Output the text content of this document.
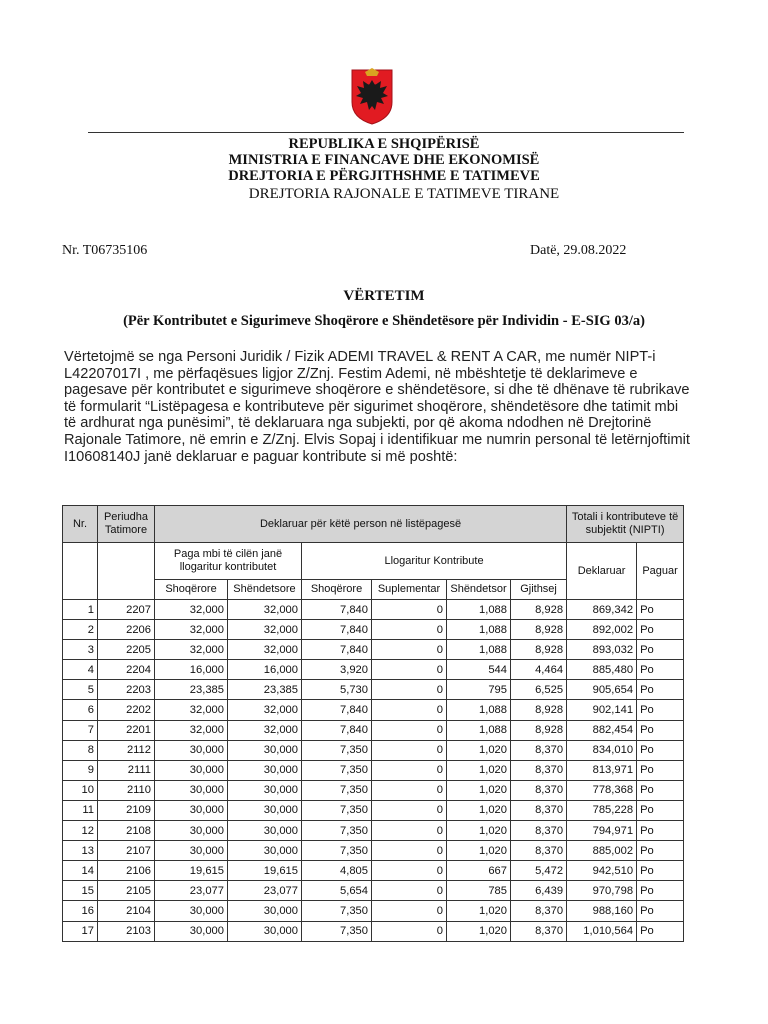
REPUBLIKA E SHQIPËRISË
MINISTRIA E FINANCAVE DHE EKONOMISË
DREJTORIA E PËRGJITHSHME E TATIMEVE
DREJTORIA RAJONALE E TATIMEVE TIRANE
Nr. T06735106	Datë, 29.08.2022
VËRTETIM
(Për Kontributet e Sigurimeve Shoqërore e Shëndetësore për Individin - E-SIG 03/a)
Vërtetojmë se nga Personi Juridik / Fizik ADEMI TRAVEL & RENT A CAR, me numër NIPT-i L42207017I , me përfaqësues ligjor Z/Znj. Festim Ademi, në mbështetje të deklarimeve e pagesave për kontributet e sigurimeve shoqërore e shëndetësore, si dhe të dhënave të rubrikave të formularit “Listëpagesa e kontributeve për sigurimet shoqërore, shëndetësore dhe tatimit mbi të ardhurat nga punësimi”, të deklaruara nga subjekti, por që akoma ndodhen në Drejtorinë Rajonale Tatimore, në emrin e Z/Znj. Elvis Sopaj i identifikuar me numrin personal të letërnjoftimit I10608140J janë deklaruar e paguar kontribute si më poshtë:
Nr.	Periudha Tatimore	Deklaruar për këtë person në listëpagesë						Totali i kontributeve të subjektit (NIPTI)	
		Paga mbi të cilën janë llogaritur kontributet		Llogaritur Kontribute				Deklaruar	Paguar
		Shoqërore	Shëndetsore	Shoqërore	Suplementar	Shëndetsor	Gjithsej		
1	2207	32,000	32,000	7,840	0	1,088	8,928	869,342	Po
2	2206	32,000	32,000	7,840	0	1,088	8,928	892,002	Po
3	2205	32,000	32,000	7,840	0	1,088	8,928	893,032	Po
4	2204	16,000	16,000	3,920	0	544	4,464	885,480	Po
5	2203	23,385	23,385	5,730	0	795	6,525	905,654	Po
6	2202	32,000	32,000	7,840	0	1,088	8,928	902,141	Po
7	2201	32,000	32,000	7,840	0	1,088	8,928	882,454	Po
8	2112	30,000	30,000	7,350	0	1,020	8,370	834,010	Po
9	2111	30,000	30,000	7,350	0	1,020	8,370	813,971	Po
10	2110	30,000	30,000	7,350	0	1,020	8,370	778,368	Po
11	2109	30,000	30,000	7,350	0	1,020	8,370	785,228	Po
12	2108	30,000	30,000	7,350	0	1,020	8,370	794,971	Po
13	2107	30,000	30,000	7,350	0	1,020	8,370	885,002	Po
14	2106	19,615	19,615	4,805	0	667	5,472	942,510	Po
15	2105	23,077	23,077	5,654	0	785	6,439	970,798	Po
16	2104	30,000	30,000	7,350	0	1,020	8,370	988,160	Po
17	2103	30,000	30,000	7,350	0	1,020	8,370	1,010,564	Po
